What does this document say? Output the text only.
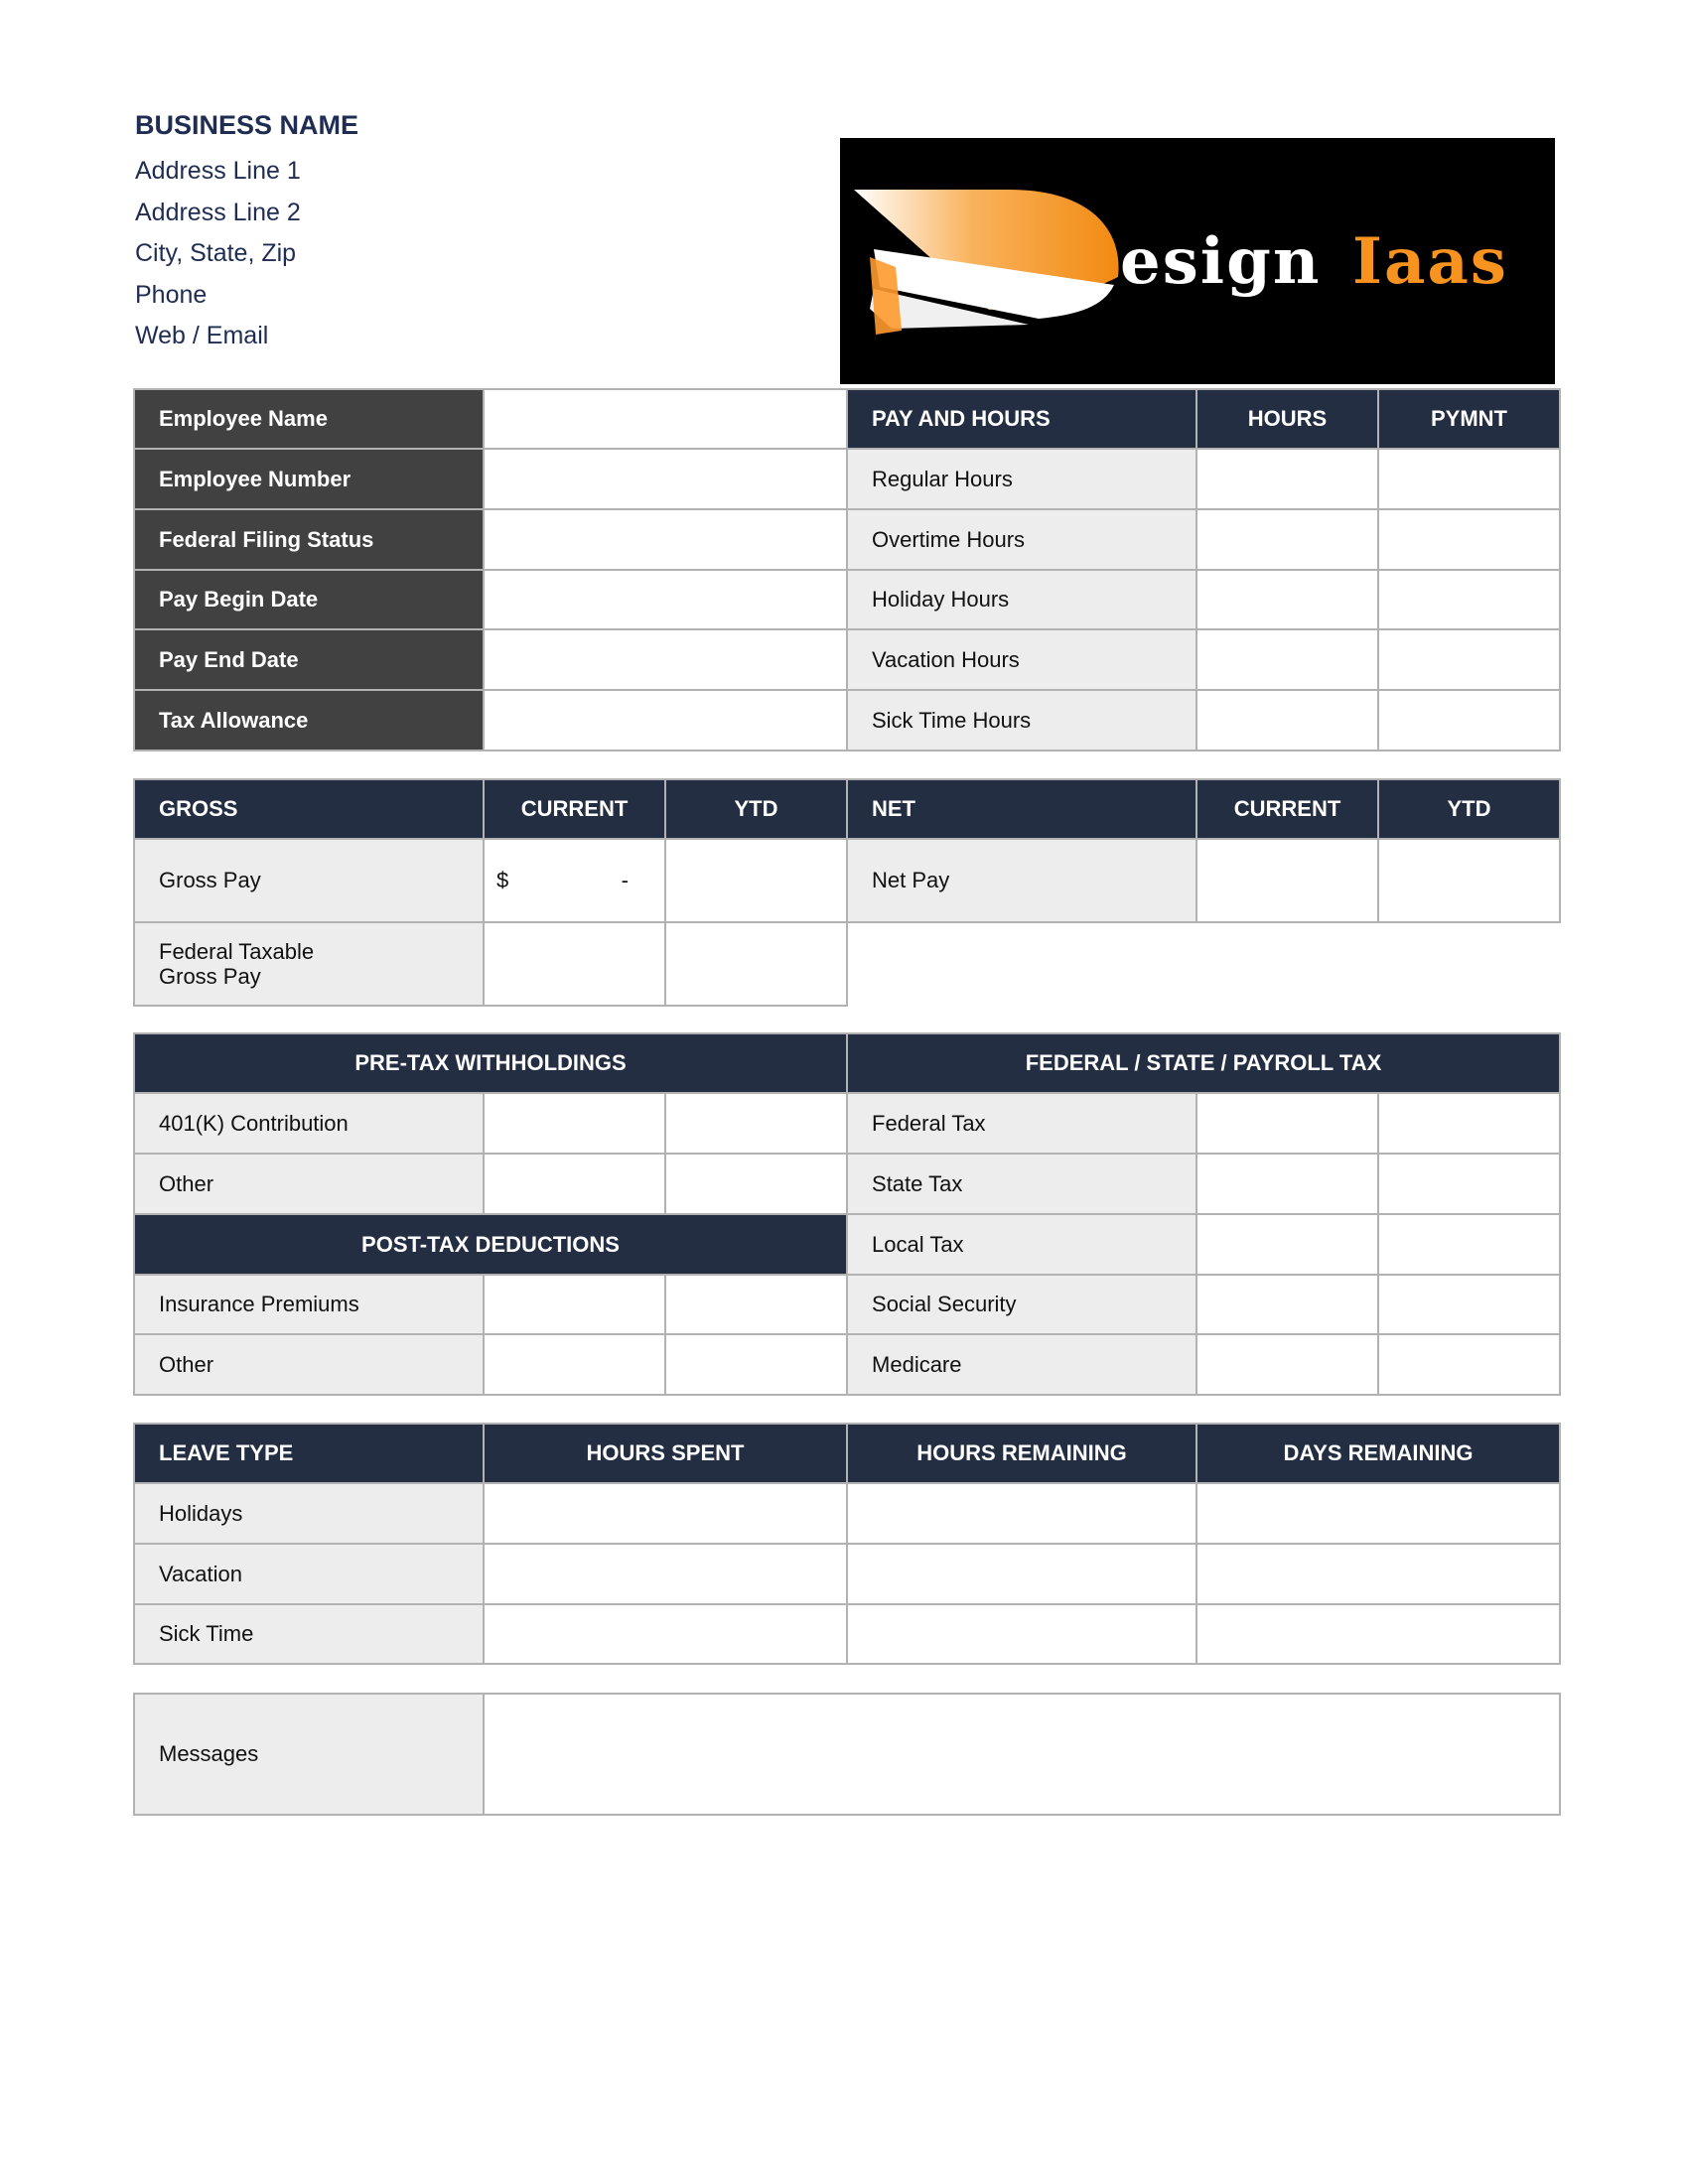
BUSINESS NAME
Address Line 1
Address Line 2
City, State, Zip
Phone
Web / Email
esign Iaas
Employee Name		PAY AND HOURS	HOURS	PYMNT
Employee Number		Regular Hours		
Federal Filing Status		Overtime Hours		
Pay Begin Date		Holiday Hours		
Pay End Date		Vacation Hours		
Tax Allowance		Sick Time Hours		
GROSS	CURRENT	YTD	NET	CURRENT	YTD
Gross Pay	$ -		Net Pay		
Federal Taxable
Gross Pay					
PRE-TAX WITHHOLDINGS			FEDERAL / STATE / PAYROLL TAX		
401(K) Contribution			Federal Tax		
Other			State Tax		
POST-TAX DEDUCTIONS			Local Tax		
Insurance Premiums			Social Security		
Other			Medicare		
LEAVE TYPE	HOURS SPENT	HOURS REMAINING	DAYS REMAINING
Holidays			
Vacation			
Sick Time			
Messages	
